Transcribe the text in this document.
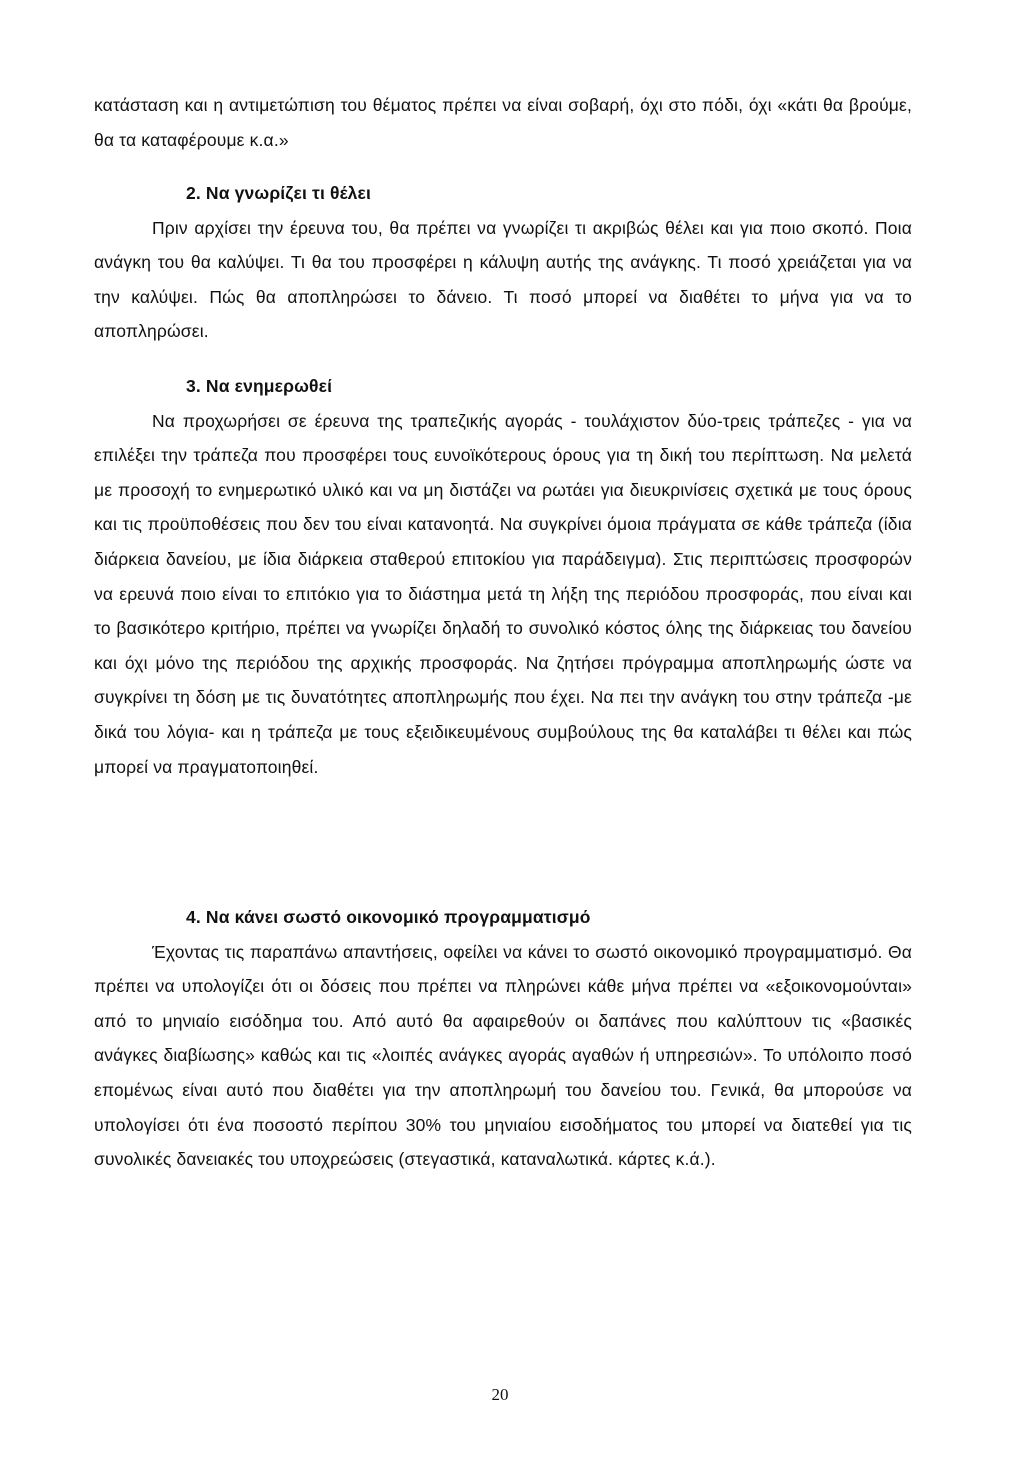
κατάσταση και η αντιμετώπιση του θέματος πρέπει να είναι σοβαρή, όχι στο πόδι, όχι «κάτι θα βρούμε, θα τα καταφέρουμε κ.α.»
2. Να γνωρίζει τι θέλει
Πριν αρχίσει την έρευνα του, θα πρέπει να γνωρίζει τι ακριβώς θέλει και για ποιο σκοπό. Ποια ανάγκη του θα καλύψει. Τι θα του προσφέρει η κάλυψη αυτής της ανάγκης. Τι ποσό χρειάζεται για να την καλύψει. Πώς θα αποπληρώσει το δάνειο. Τι ποσό μπορεί να διαθέτει το μήνα για να το αποπληρώσει.
3. Να ενημερωθεί
Να προχωρήσει σε έρευνα της τραπεζικής αγοράς - τουλάχιστον δύο-τρεις τράπεζες - για να επιλέξει την τράπεζα που προσφέρει τους ευνοϊκότερους όρους για τη δική του περίπτωση. Να μελετά με προσοχή το ενημερωτικό υλικό και να μη διστάζει να ρωτάει για διευκρινίσεις σχετικά με τους όρους και τις προϋποθέσεις που δεν του είναι κατανοητά. Να συγκρίνει όμοια πράγματα σε κάθε τράπεζα (ίδια διάρκεια δανείου, με ίδια διάρκεια σταθερού επιτοκίου για παράδειγμα). Στις περιπτώσεις προσφορών να ερευνά ποιο είναι το επιτόκιο για το διάστημα μετά τη λήξη της περιόδου προσφοράς, που είναι και το βασικότερο κριτήριο, πρέπει να γνωρίζει δηλαδή το συνολικό κόστος όλης της διάρκειας του δανείου και όχι μόνο της περιόδου της αρχικής προσφοράς. Να ζητήσει πρόγραμμα αποπληρωμής ώστε να συγκρίνει τη δόση με τις δυνατότητες αποπληρωμής που έχει. Να πει την ανάγκη του στην τράπεζα -με δικά του λόγια- και η τράπεζα με τους εξειδικευμένους συμβούλους της θα καταλάβει τι θέλει και πώς μπορεί να πραγματοποιηθεί.
4. Να κάνει σωστό οικονομικό προγραμματισμό
Έχοντας τις παραπάνω απαντήσεις, οφείλει να κάνει το σωστό οικονομικό προγραμματισμό. Θα πρέπει να υπολογίζει ότι οι δόσεις που πρέπει να πληρώνει κάθε μήνα πρέπει να «εξοικονομούνται» από το μηνιαίο εισόδημα του. Από αυτό θα αφαιρεθούν οι δαπάνες που καλύπτουν τις «βασικές ανάγκες διαβίωσης» καθώς και τις «λοιπές ανάγκες αγοράς αγαθών ή υπηρεσιών». Το υπόλοιπο ποσό επομένως είναι αυτό που διαθέτει για την αποπληρωμή του δανείου του. Γενικά, θα μπορούσε να υπολογίσει ότι ένα ποσοστό περίπου 30% του μηνιαίου εισοδήματος του μπορεί να διατεθεί για τις συνολικές δανειακές του υποχρεώσεις (στεγαστικά, καταναλωτικά. κάρτες κ.ά.).
20
